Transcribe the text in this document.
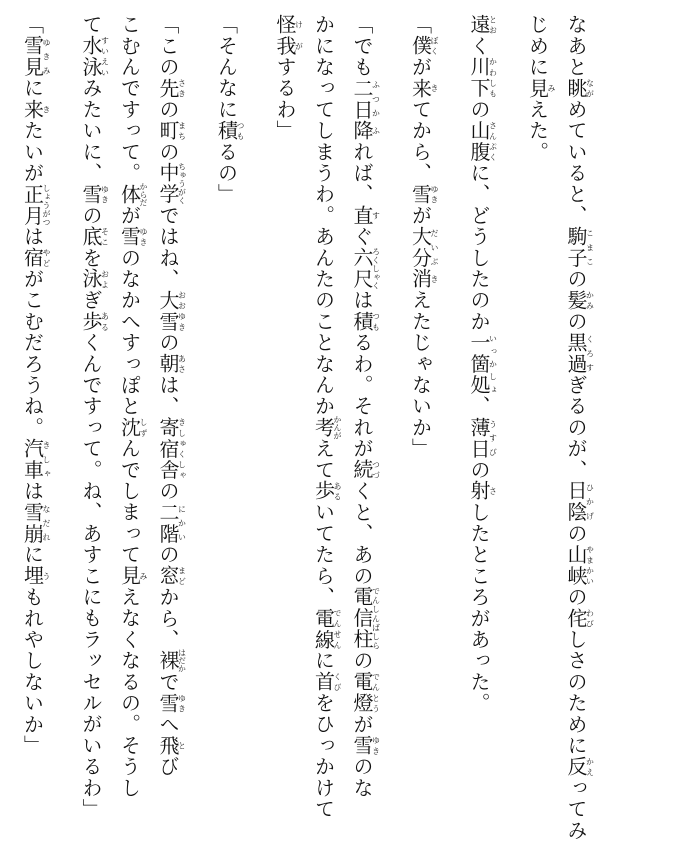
なあと眺ながめていると、駒子こまこの髪かみの黒過くろすぎるのが、日陰ひかげの山峡やまかいの侘わびしさのために反かえってみ
じめに見みえた。
遠とおく川下かわしもの山腹さんぷくに、どうしたのか一箇処いっかしょ、薄日うすびの射さしたところがあった。
「僕ぼくが来きてから、雪ゆきが大分だいぶ消きえたじゃないか」
「でも二日ふつか降ふれば、直すぐ六尺ろくしゃくは積つもるわ。それが続つづくと、あの電信柱でんしんばしらの電燈でんとうが雪ゆきのな
かになってしまうわ。あんたのことなんか考かんがえて歩あるいてたら、電線でんせんに首くびをひっかけて
怪我けがするわ」
「そんなに積つもるの」
「この先さきの町まちの中学ちゅうがくではね、大雪おおゆきの朝あさは、寄宿舎きしゅくしゃの二階にかいの窓まどから、裸はだかで雪ゆきへ飛とび
こむんですって。体からだが雪ゆきのなかへすっぽと沈しずんでしまって見みえなくなるの。そうし
て水泳すいえいみたいに、雪ゆきの底そこを泳およぎ歩あるくんですって。ね、あすこにもラッセルがいるわ」
「雪見ゆきみに来きたいが正月しょうがつは宿やどがこむだろうね。汽車きしゃは雪崩なだれに埋うもれやしないか」
